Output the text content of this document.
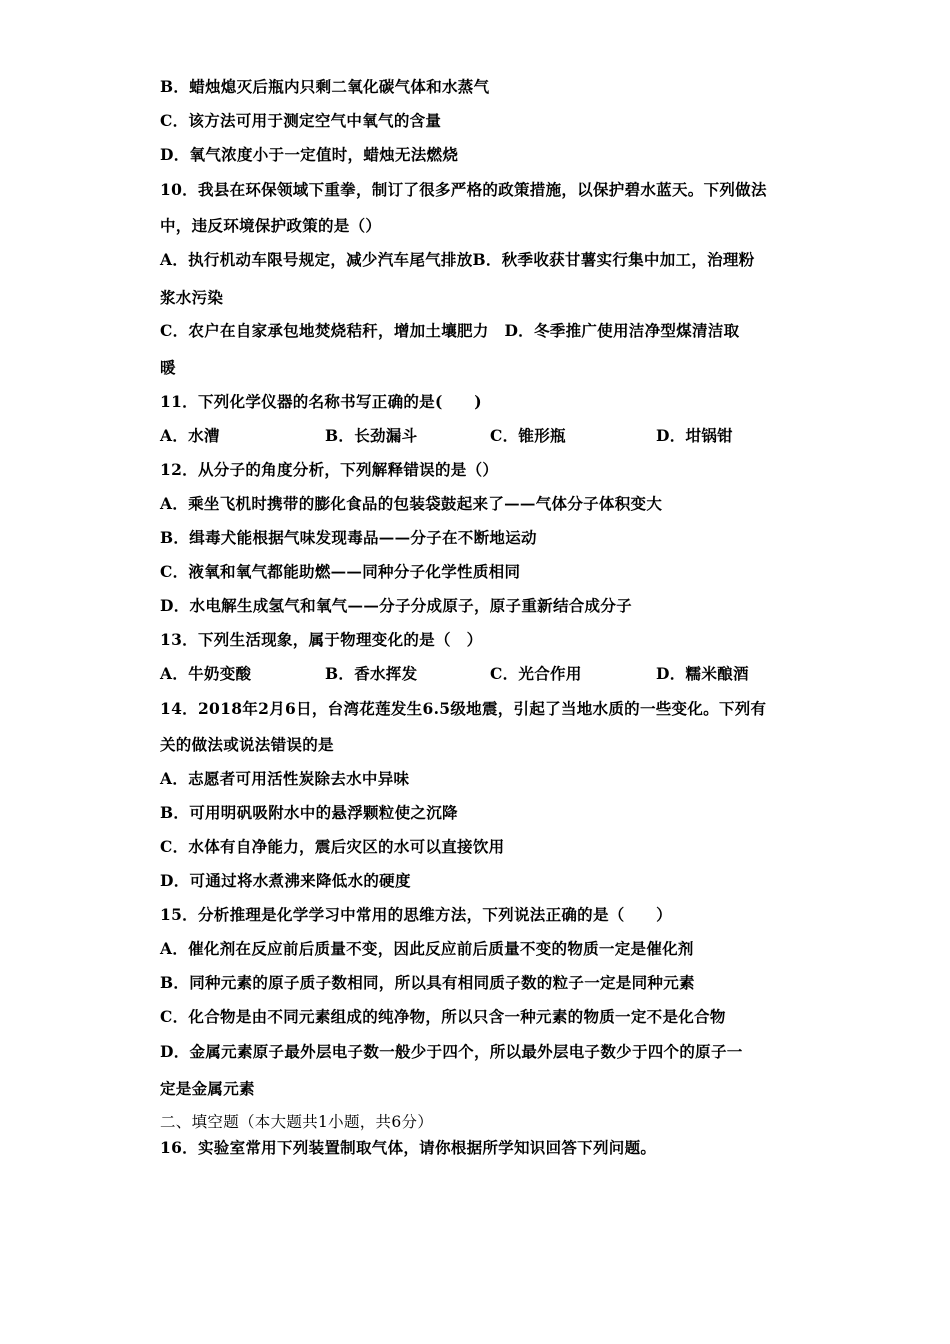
B．蜡烛熄灭后瓶内只剩二氧化碳气体和水蒸气
C．该方法可用于测定空气中氧气的含量
D．氧气浓度小于一定值时，蜡烛无法燃烧
10．我县在环保领域下重拳，制订了很多严格的政策措施，以保护碧水蓝天。下列做法
中，违反环境保护政策的是（）
A．执行机动车限号规定，减少汽车尾气排放B．秋季收获甘薯实行集中加工，治理粉
浆水污染
C．农户在自家承包地焚烧秸秆，增加土壤肥力　D．冬季推广使用洁净型煤清洁取
暖
11．下列化学仪器的名称书写正确的是(　　)
A．水漕	B．长劲漏斗	C．锥形瓶	D．坩锅钳
12．从分子的角度分析，下列解释错误的是（）
A．乘坐飞机时携带的膨化食品的包装袋鼓起来了——气体分子体积变大
B．缉毒犬能根据气味发现毒品——分子在不断地运动
C．液氧和氧气都能助燃——同种分子化学性质相同
D．水电解生成氢气和氧气——分子分成原子，原子重新结合成分子
13．下列生活现象，属于物理变化的是（　）
A．牛奶变酸	B．香水挥发	C．光合作用	D．糯米酿酒
14．2018年2月6日，台湾花莲发生6.5级地震，引起了当地水质的一些变化。下列有
关的做法或说法错误的是
A．志愿者可用活性炭除去水中异味
B．可用明矾吸附水中的悬浮颗粒使之沉降
C．水体有自净能力，震后灾区的水可以直接饮用
D．可通过将水煮沸来降低水的硬度
15．分析推理是化学学习中常用的思维方法，下列说法正确的是（　　）
A．催化剂在反应前后质量不变，因此反应前后质量不变的物质一定是催化剂
B．同种元素的原子质子数相同，所以具有相同质子数的粒子一定是同种元素
C．化合物是由不同元素组成的纯净物，所以只含一种元素的物质一定不是化合物
D．金属元素原子最外层电子数一般少于四个，所以最外层电子数少于四个的原子一
定是金属元素
二、填空题（本大题共1小题，共6分）
16．实验室常用下列装置制取气体，请你根据所学知识回答下列问题。
